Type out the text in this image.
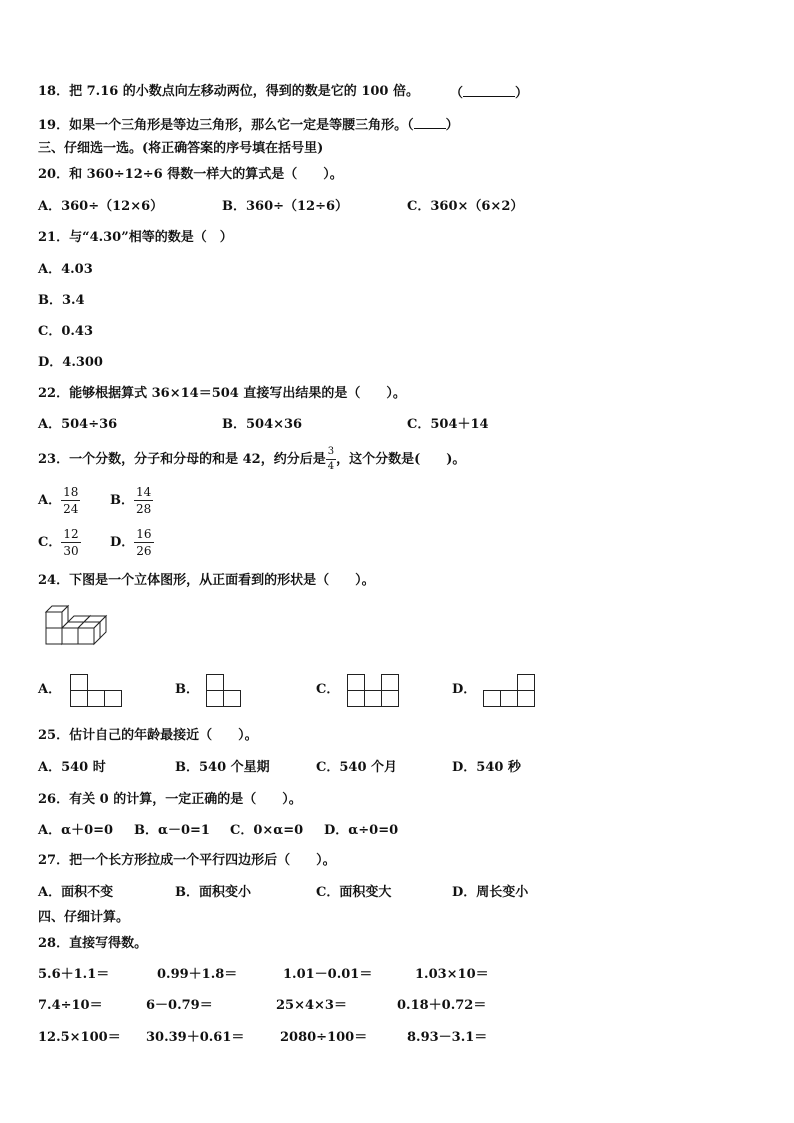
18．把 7.16 的小数点向左移动两位，得到的数是它的 100 倍。 （	）
19．如果一个三角形是等边三角形，那么它一定是等腰三角形。（ ）
三、仔细选一选。(将正确答案的序号填在括号里)
20．和 360÷12÷6 得数一样大的算式是（　　）。
A．360÷（12×6）	B．360÷（12÷6）	C．360×（6×2）
21．与“4.30”相等的数是（　）
A．4.03
B．3.4
C．0.43
D．4.300
22．能够根据算式 36×14＝504 直接写出结果的是（　　）。
A．504÷36	B．504×36	C．504＋14
23．一个分数，分子和分母的和是 42，约分后是 $\frac{3}{4}$ ，这个分数是(　　)。
A． $\frac{18}{24}$ B． $\frac{14}{28}$
C． $\frac{12}{30}$ D． $\frac{16}{26}$
24．下图是一个立体图形，从正面看到的形状是（　　）。
A．	B．	C．	D．
25．估计自己的年龄最接近（　　）。
A．540 时	B．540 个星期	C．540 个月	D．540 秒
26．有关 0 的计算，一定正确的是（　　）。
A．α＋0=0 B．α－0=1 C．0×α=0 D．α÷0=0
27．把一个长方形拉成一个平行四边形后（　　）。
A．面积不变	B．面积变小	C．面积变大	D．周长变小
四、仔细计算。
28．直接写得数。
5.6＋1.1＝	0.99＋1.8＝	1.01－0.01＝	1.03×10＝
7.4÷10＝	6－0.79＝	25×4×3＝	0.18＋0.72＝
12.5×100＝ 30.39＋0.61＝	2080÷100＝	8.93－3.1＝
